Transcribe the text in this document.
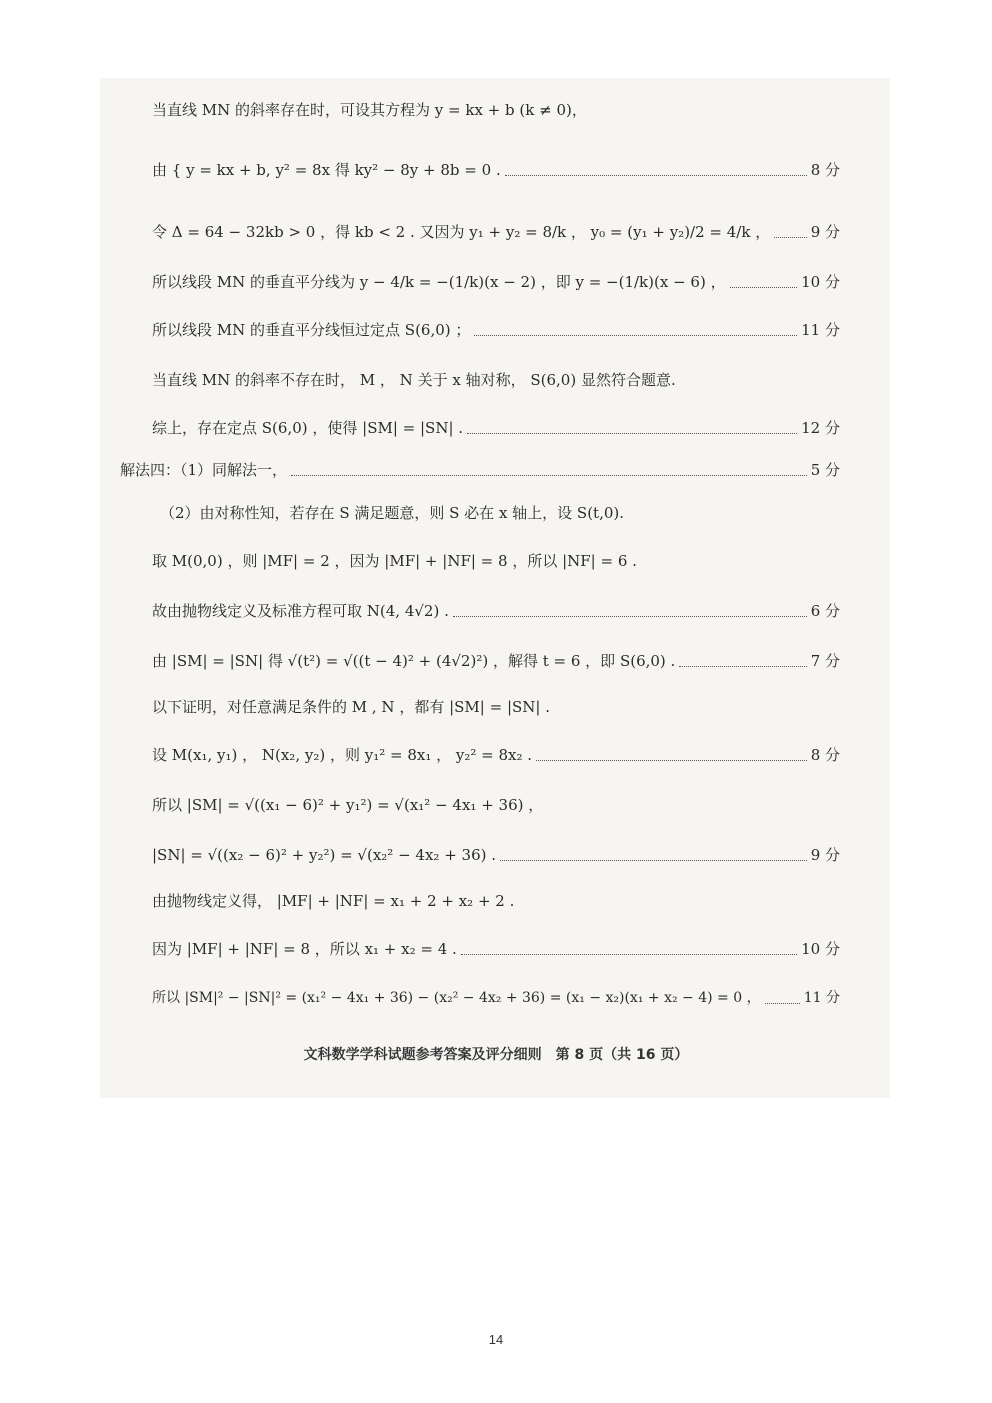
当直线 MN 的斜率存在时，可设其方程为 y = kx + b (k ≠ 0)，
由 { y = kx + b, y² = 8x 得 ky² − 8y + 8b = 0 .	8 分
令 Δ = 64 − 32kb > 0 ，得 kb < 2 . 又因为 y₁ + y₂ = 8/k ， y₀ = (y₁ + y₂)/2 = 4/k ，	9 分
所以线段 MN 的垂直平分线为 y − 4/k = −(1/k)(x − 2) ，即 y = −(1/k)(x − 6) ，	10 分
所以线段 MN 的垂直平分线恒过定点 S(6,0) ；	11 分
当直线 MN 的斜率不存在时， M ， N 关于 x 轴对称， S(6,0) 显然符合题意.
综上，存在定点 S(6,0) ，使得 |SM| = |SN| .	12 分
解法四：（1）同解法一，	5 分
（2）由对称性知，若存在 S 满足题意，则 S 必在 x 轴上，设 S(t,0).
取 M(0,0) ，则 |MF| = 2 ，因为 |MF| + |NF| = 8 ，所以 |NF| = 6 .
故由抛物线定义及标准方程可取 N(4, 4√2) .	6 分
由 |SM| = |SN| 得 √(t²) = √((t − 4)² + (4√2)²) ，解得 t = 6 ，即 S(6,0) .	7 分
以下证明，对任意满足条件的 M , N ，都有 |SM| = |SN| .
设 M(x₁, y₁) ， N(x₂, y₂) ，则 y₁² = 8x₁ ， y₂² = 8x₂ .	8 分
所以 |SM| = √((x₁ − 6)² + y₁²) = √(x₁² − 4x₁ + 36) ，
|SN| = √((x₂ − 6)² + y₂²) = √(x₂² − 4x₂ + 36) .	9 分
由抛物线定义得， |MF| + |NF| = x₁ + 2 + x₂ + 2 .
因为 |MF| + |NF| = 8 ，所以 x₁ + x₂ = 4 .	10 分
所以 |SM|² − |SN|² = (x₁² − 4x₁ + 36) − (x₂² − 4x₂ + 36) = (x₁ − x₂)(x₁ + x₂ − 4) = 0 ，	11 分
文科数学学科试题参考答案及评分细则　第 8 页（共 16 页）
14
